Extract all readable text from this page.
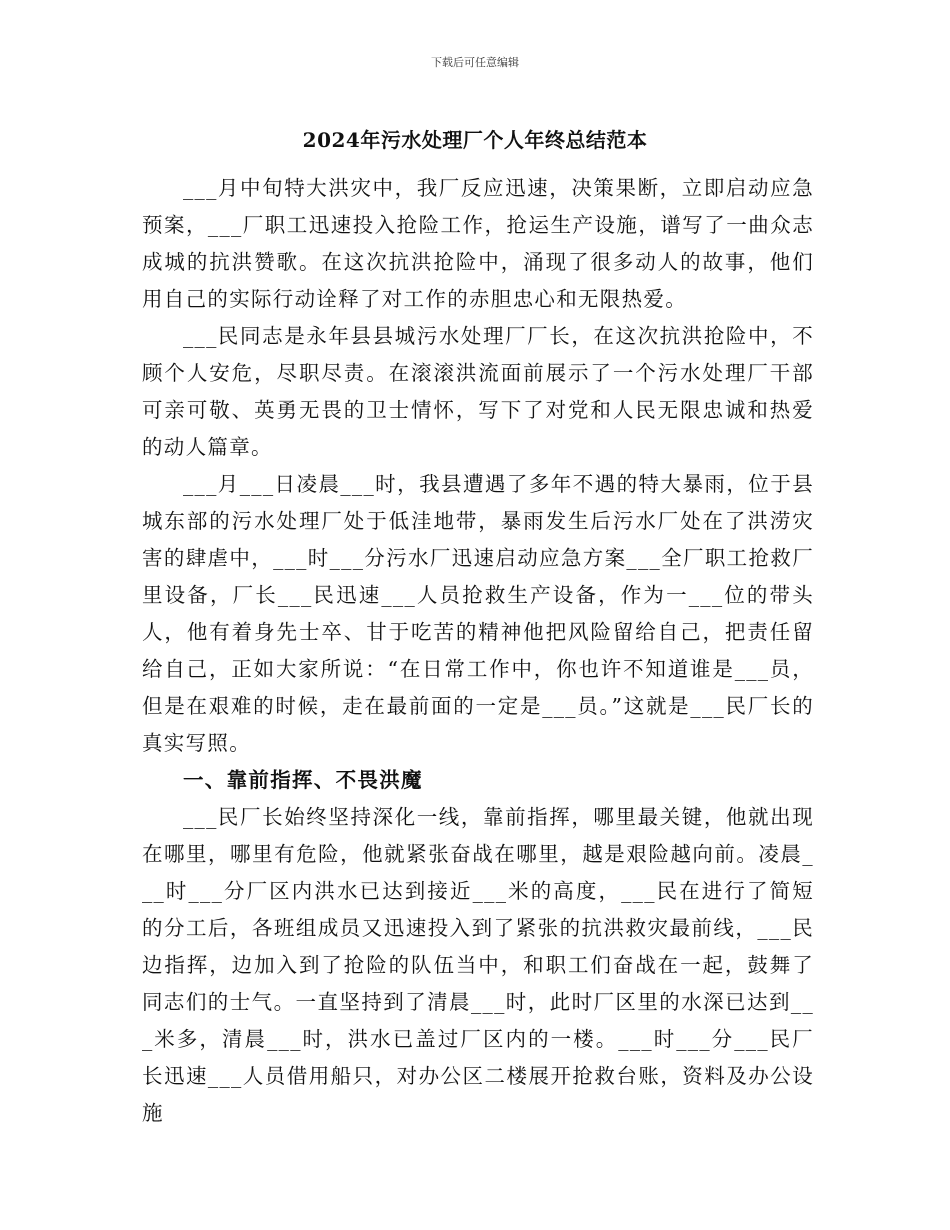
下载后可任意编辑
2024年污水处理厂个人年终总结范本

___月中旬特大洪灾中，我厂反应迅速，决策果断，立即启动应急预案，___厂职工迅速投入抢险工作，抢运生产设施，谱写了一曲众志成城的抗洪赞歌。在这次抗洪抢险中，涌现了很多动人的故事，他们用自己的实际行动诠释了对工作的赤胆忠心和无限热爱。

___民同志是永年县县城污水处理厂厂长，在这次抗洪抢险中，不顾个人安危，尽职尽责。在滚滚洪流面前展示了一个污水处理厂干部可亲可敬、英勇无畏的卫士情怀，写下了对党和人民无限忠诚和热爱的动人篇章。

___月___日凌晨___时，我县遭遇了多年不遇的特大暴雨，位于县城东部的污水处理厂处于低洼地带，暴雨发生后污水厂处在了洪涝灾害的肆虐中，___时___分污水厂迅速启动应急方案___全厂职工抢救厂里设备，厂长___民迅速___人员抢救生产设备，作为一___位的带头人，他有着身先士卒、甘于吃苦的精神他把风险留给自己，把责任留给自己，正如大家所说：“在日常工作中，你也许不知道谁是___员，但是在艰难的时候，走在最前面的一定是___员。”这就是___民厂长的真实写照。

一、靠前指挥、不畏洪魔

___民厂长始终坚持深化一线，靠前指挥，哪里最关键，他就出现在哪里，哪里有危险，他就紧张奋战在哪里，越是艰险越向前。凌晨___时___分厂区内洪水已达到接近___米的高度，___民在进行了简短的分工后，各班组成员又迅速投入到了紧张的抗洪救灾最前线，___民边指挥，边加入到了抢险的队伍当中，和职工们奋战在一起，鼓舞了同志们的士气。一直坚持到了清晨___时，此时厂区里的水深已达到___米多，清晨___时，洪水已盖过厂区内的一楼。___时___分___民厂长迅速___人员借用船只，对办公区二楼展开抢救台账，资料及办公设施
